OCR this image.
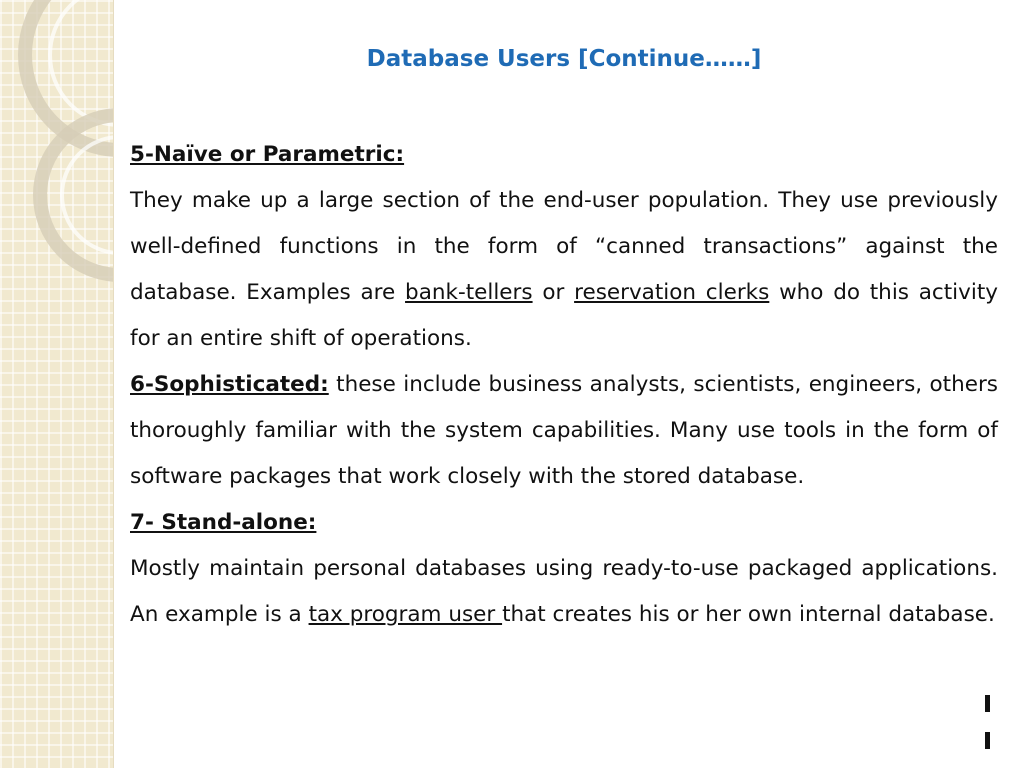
Database Users [Continue……]

5-Naïve or Parametric:

They make up a large section of the end-user population. They use previously well-defined functions in the form of “canned transactions” against the database. Examples are bank-tellers or reservation clerks who do this activity for an entire shift of operations.

6-Sophisticated: these include business analysts, scientists, engineers, others thoroughly familiar with the system capabilities. Many use tools in the form of software packages that work closely with the stored database.

7- Stand-alone:

Mostly maintain personal databases using ready-to-use packaged applications. An example is a tax program user that creates his or her own internal database.
